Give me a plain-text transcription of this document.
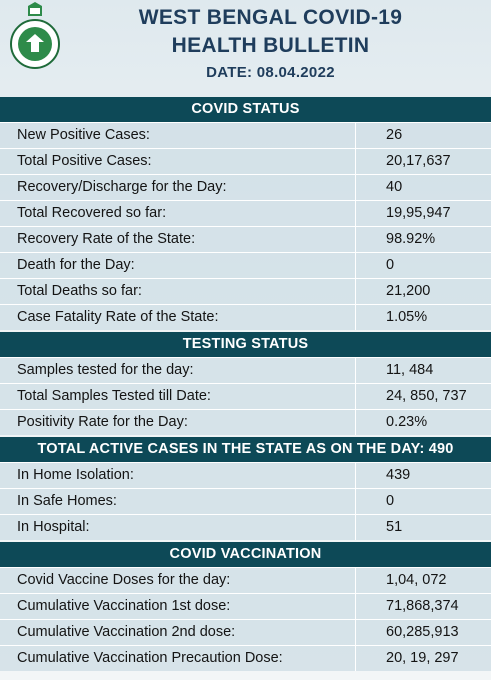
WEST BENGAL COVID-19
HEALTH BULLETIN
DATE: 08.04.2022
COVID STATUS
New Positive Cases:	26
Total Positive Cases:	20,17,637
Recovery/Discharge for the Day:	40
Total Recovered so far:	19,95,947
Recovery Rate of the State:	98.92%
Death for the Day:	0
Total Deaths so far:	21,200
Case Fatality Rate of the State:	1.05%
TESTING STATUS
Samples tested for the day:	11, 484
Total Samples Tested till Date:	24, 850, 737
Positivity Rate for the Day:	0.23%
TOTAL ACTIVE CASES IN THE STATE AS ON THE DAY: 490
In Home Isolation:	439
In Safe Homes:	0
In Hospital:	51
COVID VACCINATION
Covid Vaccine Doses for the day:	1,04, 072
Cumulative Vaccination 1st dose:	71,868,374
Cumulative Vaccination 2nd dose:	60,285,913
Cumulative Vaccination Precaution Dose:	20, 19, 297
